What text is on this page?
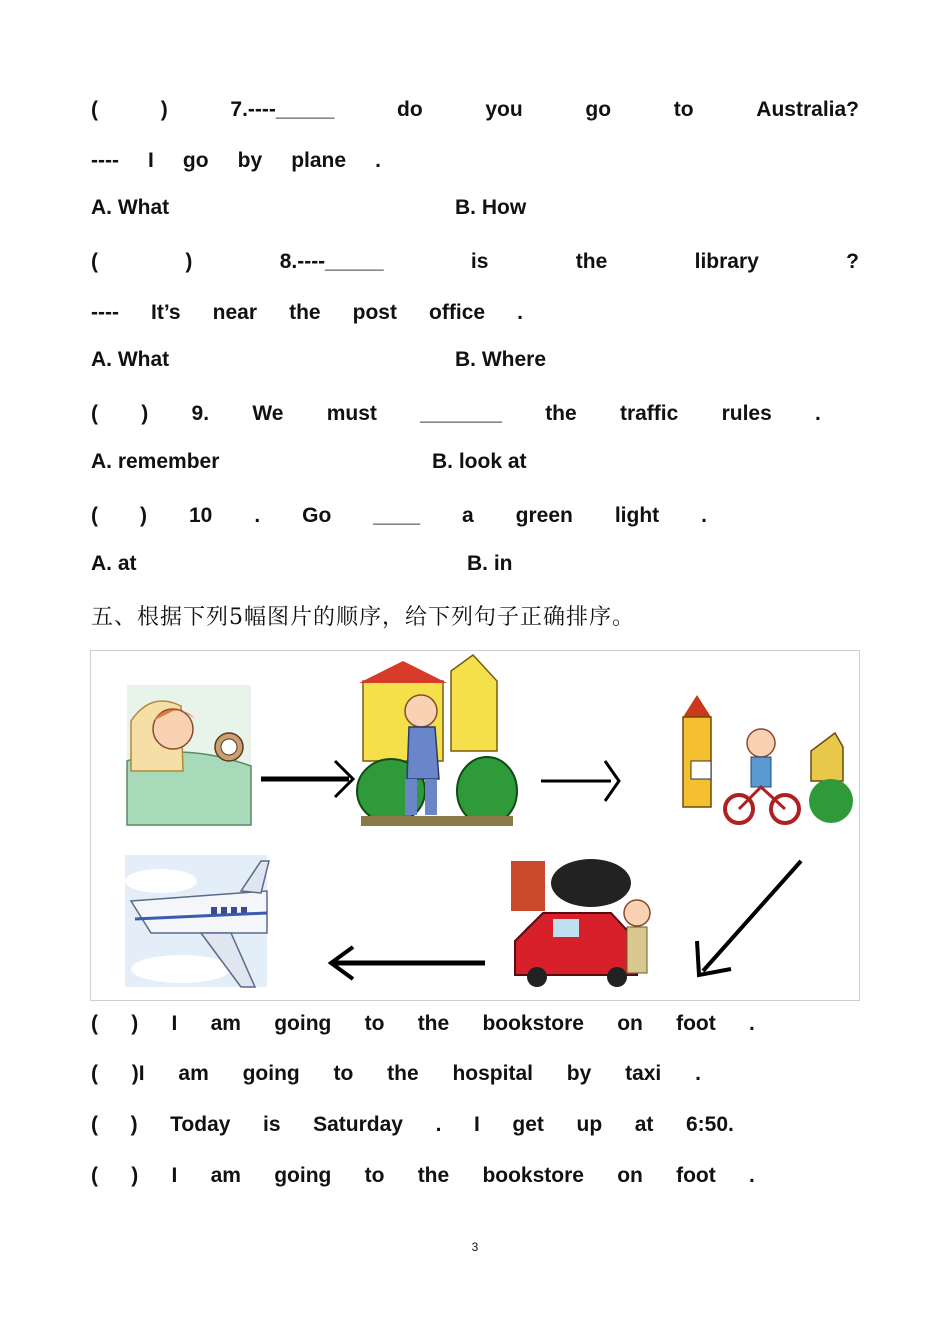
(	)	7.----_____	do	you	go	to	Australia?
---- I go by plane .
A. What	B. How
(	)	8.----_____	is	the	library	?
---- It’s near the post office .
A. What	B. Where
( ) 9. We must _______ the traffic rules .
A. remember	B. look at
( ) 10 . Go ____ a green light .
A. at	B. in
五、根据下列5幅图片的顺序，给下列句子正确排序。
( ) I am going to the bookstore on foot .
( )I am going to the hospital by taxi .
( ) Today is Saturday . I get up at 6:50.
( ) I am going to the bookstore on foot .
3
